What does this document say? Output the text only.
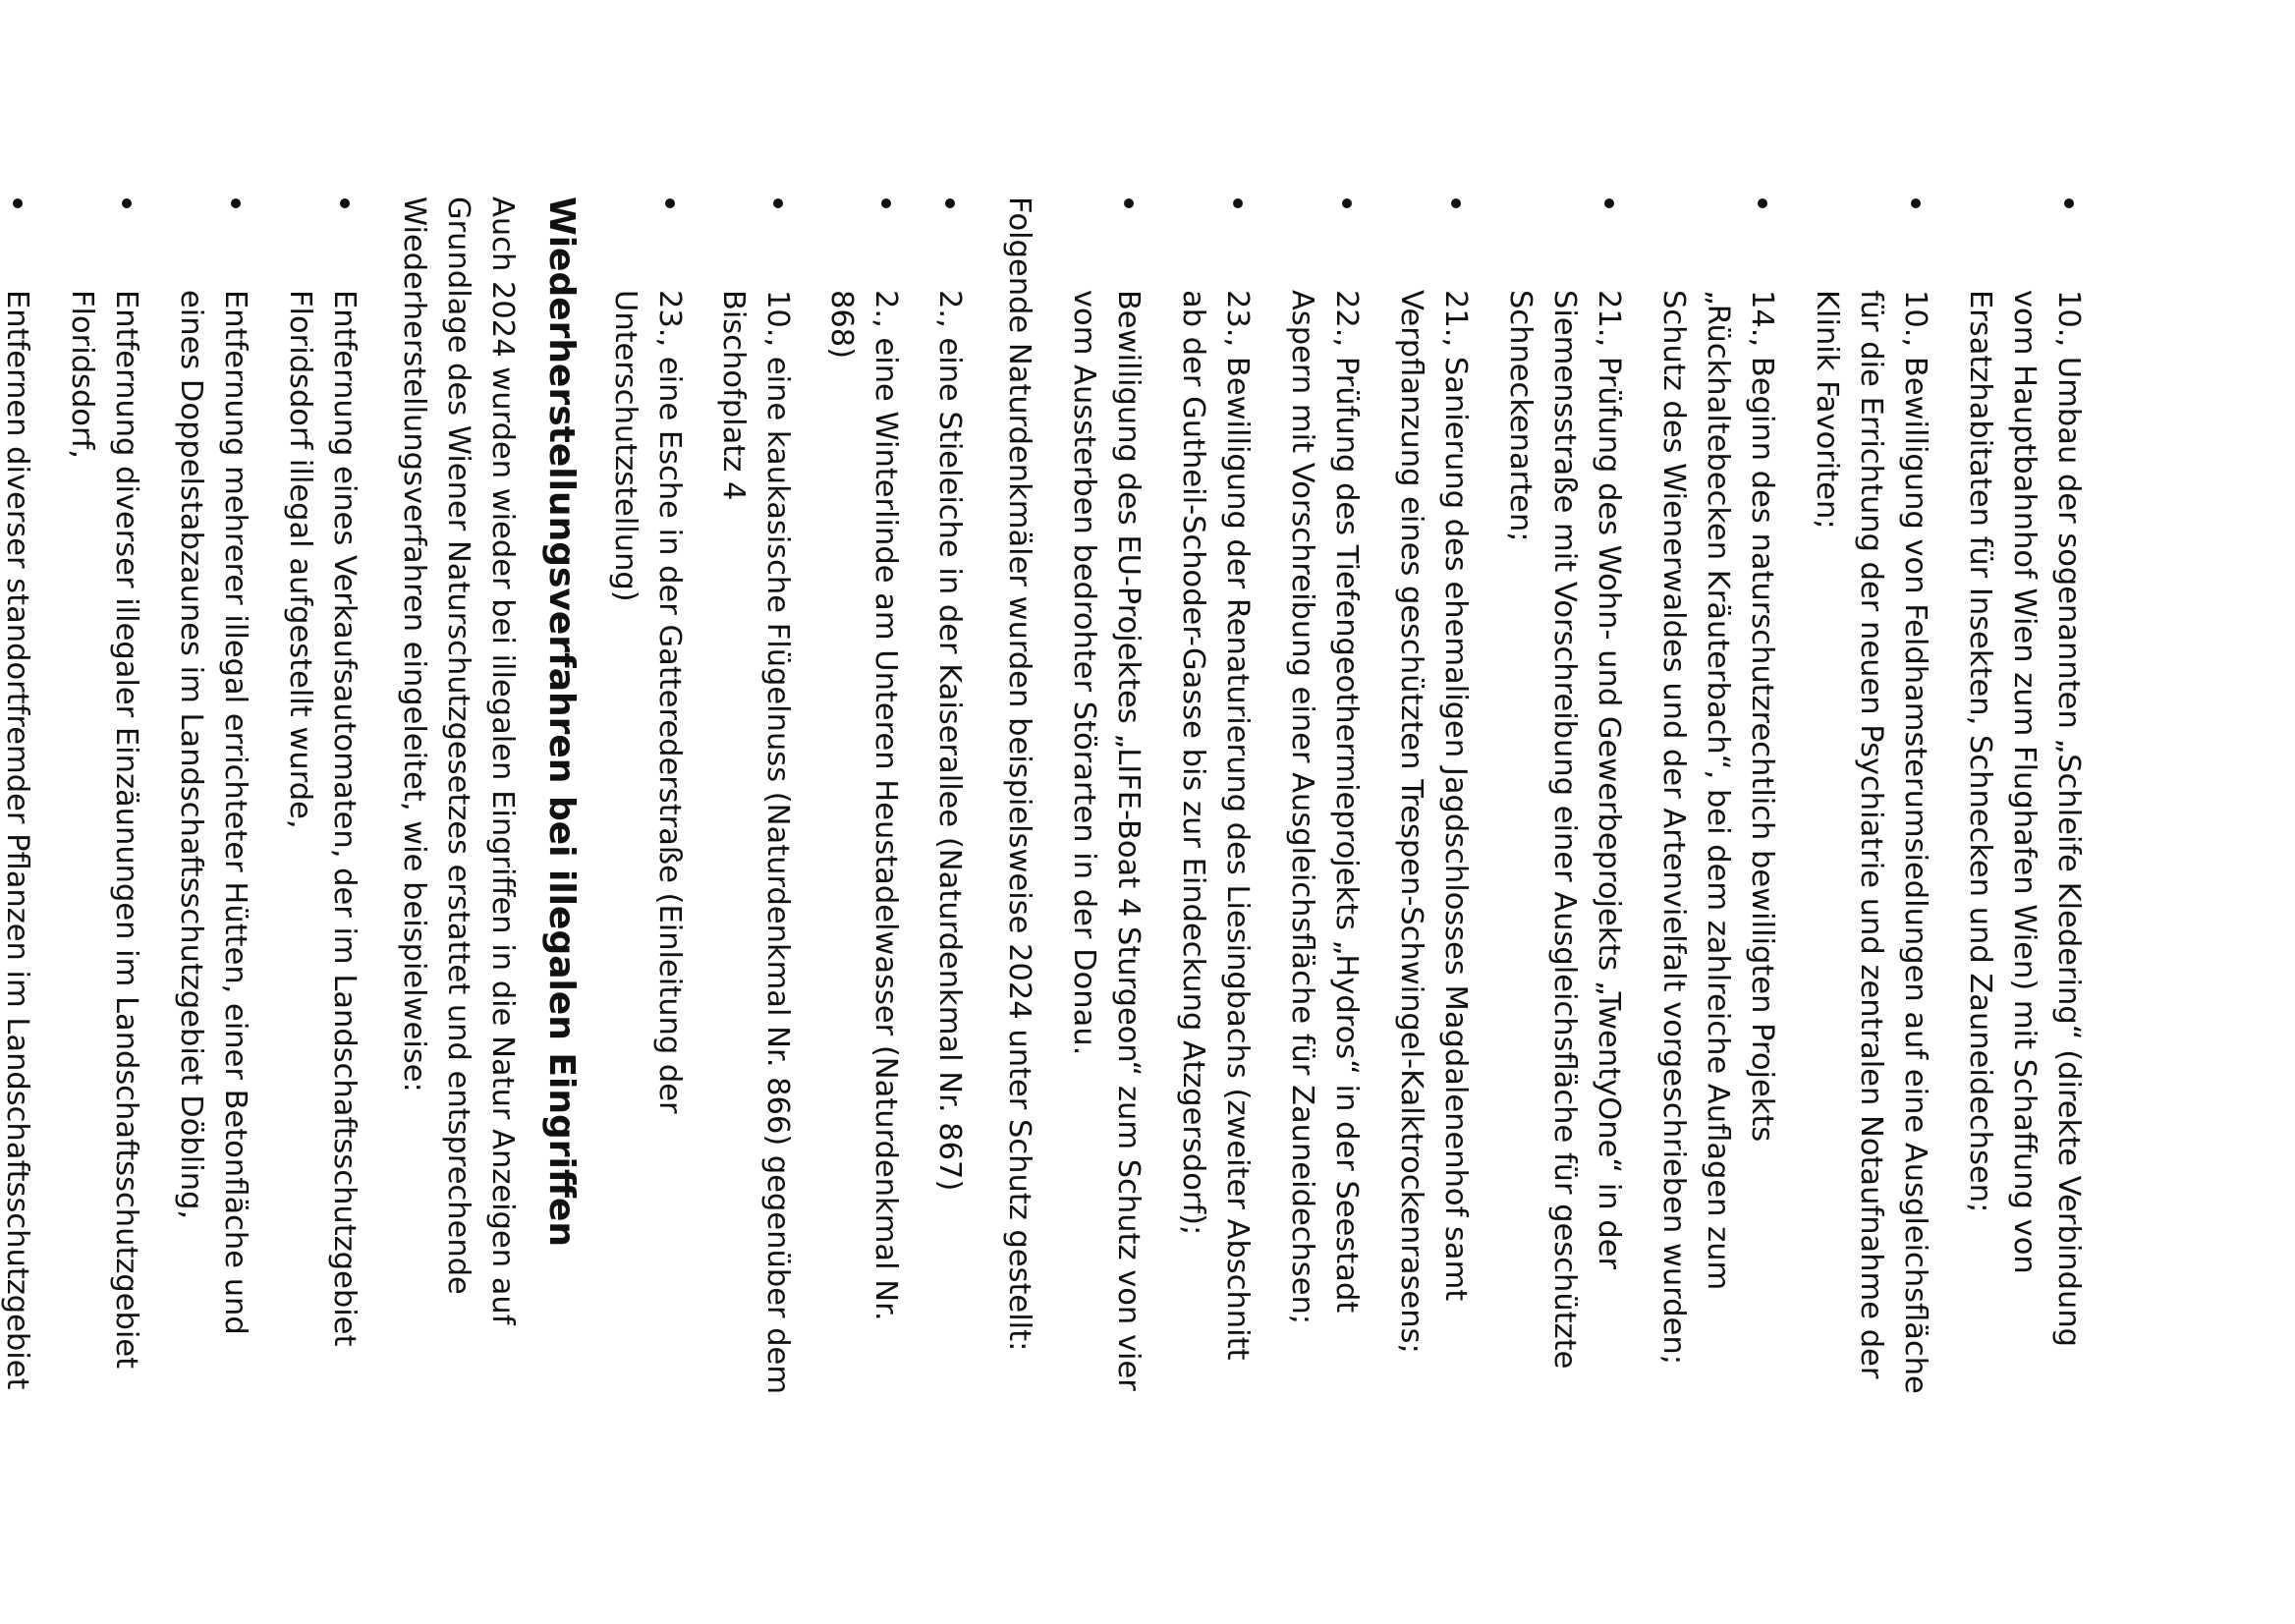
10., Umbau der sogenannten „Schleife Kledering“ (direkte Verbindung vom Hauptbahnhof Wien zum Flughafen Wien) mit Schaffung von Ersatzhabitaten für Insekten, Schnecken und Zauneidechsen;
10., Bewilligung von Feldhamsterumsiedlungen auf eine Ausgleichsfläche für die Errichtung der neuen Psychiatrie und zentralen Notaufnahme der Klinik Favoriten;
14., Beginn des naturschutzrechtlich bewilligten Projekts „Rückhaltebecken Kräuterbach“, bei dem zahlreiche Auflagen zum Schutz des Wienerwaldes und der Artenvielfalt vorgeschrieben wurden;
21., Prüfung des Wohn- und Gewerbeprojekts „TwentyOne“ in der Siemensstraße mit Vorschreibung einer Ausgleichsfläche für geschützte Schneckenarten;
21., Sanierung des ehemaligen Jagdschlosses Magdalenenhof samt Verpflanzung eines geschützten Trespen-Schwingel-Kalktrockenrasens;
22., Prüfung des Tiefengeothermieprojekts „Hydros“ in der Seestadt Aspern mit Vorschreibung einer Ausgleichsfläche für Zauneidechsen;
23., Bewilligung der Renaturierung des Liesingbachs (zweiter Abschnitt ab der Gutheil-Schoder-Gasse bis zur Eindeckung Atzgersdorf);
Bewilligung des EU-Projektes „LIFE-Boat 4 Sturgeon“ zum Schutz von vier vom Aussterben bedrohter Störarten in der Donau.

Folgende Naturdenkmäler wurden beispielsweise 2024 unter Schutz gestellt:

2., eine Stieleiche in der Kaiserallee (Naturdenkmal Nr. 867)
2., eine Winterlinde am Unteren Heustadelwasser (Naturdenkmal Nr. 868)
10., eine kaukasische Flügelnuss (Naturdenkmal Nr. 866) gegenüber dem Bischofplatz 4
23., eine Esche in der Gatterederstraße (Einleitung der Unterschutzstellung)
Wiederherstellungsverfahren bei illegalen Eingriffen

Auch 2024 wurden wieder bei illegalen Eingriffen in die Natur Anzeigen auf Grundlage des Wiener Naturschutzgesetzes erstattet und entsprechende Wiederherstellungsverfahren eingeleitet, wie beispielweise:

Entfernung eines Verkaufsautomaten, der im Landschaftsschutzgebiet Floridsdorf illegal aufgestellt wurde,
Entfernung mehrerer illegal errichteter Hütten, einer Betonfläche und eines Doppelstabzaunes im Landschaftsschutzgebiet Döbling,
Entfernung diverser illegaler Einzäunungen im Landschaftsschutzgebiet Floridsdorf,
Entfernen diverser standortfremder Pflanzen im Landschaftsschutzgebiet
